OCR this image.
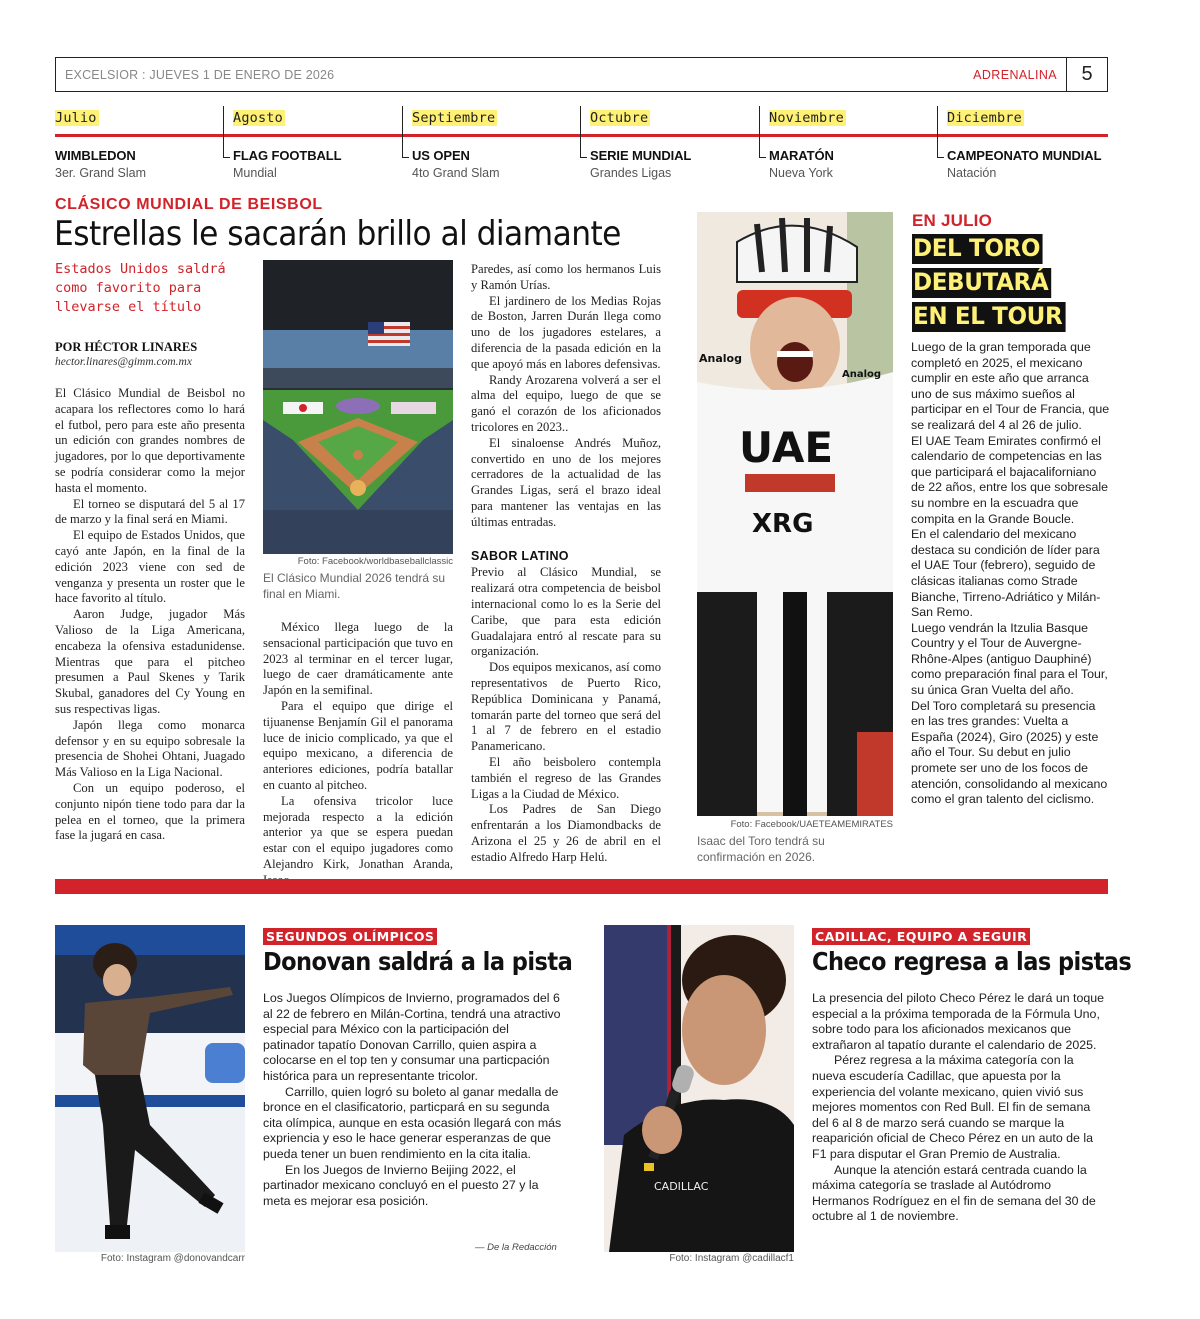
EXCELSIOR : JUEVES 1 DE ENERO DE 2026	ADRENALINA	5
Julio
WIMBLEDON
3er. Grand Slam
Agosto
FLAG FOOTBALL
Mundial
Septiembre
US OPEN
4to Grand Slam
Octubre
SERIE MUNDIAL
Grandes Ligas
Noviembre
MARATÓN
Nueva York
Diciembre
CAMPEONATO MUNDIAL
Natación
CLÁSICO MUNDIAL DE BEISBOL
Estrellas le sacarán brillo al diamante
Estados Unidos saldrá como favorito para llevarse el título
POR HÉCTOR LINARES
hector.linares@gimm.com.mx

El Clásico Mundial de Beisbol no acapara los reflectores como lo hará el futbol, pero para este año presenta un edición con grandes nombres de jugadores, por lo que deportivamente se podría considerar como la mejor hasta el momento.

El torneo se disputará del 5 al 17 de marzo y la final será en Miami.

El equipo de Estados Unidos, que cayó ante Japón, en la final de la edición 2023 viene con sed de venganza y presenta un roster que le hace favorito al título.

Aaron Judge, jugador Más Valioso de la Liga Americana, encabeza la ofensiva estadunidense. Mientras que para el pitcheo presumen a Paul Skenes y Tarik Skubal, ganadores del Cy Young en sus respectivas ligas.

Japón llega como monarca defensor y en su equipo sobresale la presencia de Shohei Ohtani, Juagado Más Valioso en la Liga Nacional.

Con un equipo poderoso, el conjunto nipón tiene todo para dar la pelea en el torneo, que la primera fase la jugará en casa.

Foto: Facebook/worldbaseballclassic
El Clásico Mundial 2026 tendrá su final en Miami.

México llega luego de la sensacional participación que tuvo en 2023 al terminar en el tercer lugar, luego de caer dramáticamente ante Japón en la semifinal.

Para el equipo que dirige el tijuanense Benjamín Gil el panorama luce de inicio complicado, ya que el equipo mexicano, a diferencia de anteriores ediciones, podría batallar en cuanto al pitcheo.

La ofensiva tricolor luce mejorada respecto a la edición anterior ya que se espera puedan estar con el equipo jugadores como Alejandro Kirk, Jonathan Aranda,

Paredes, así como los hermanos Luis y Ramón Urías.

El jardinero de los Medias Rojas de Boston, Jarren Durán llega como uno de los jugadores estelares, a diferencia de la pasada edición en la que apoyó más en labores defensivas.

Randy Arozarena volverá a ser el alma del equipo, luego de que se ganó el corazón de los aficionados tricolores en 2023..

El sinaloense Andrés Muñoz, convertido en uno de los mejores cerradores de la actualidad de las Grandes Ligas, será el brazo ideal para mantener las ventajas en las últimas entradas.

SABOR LATINO

Previo al Clásico Mundial, se realizará otra competencia de beisbol internacional como lo es la Serie del Caribe, que para esta edición Guadalajara entró al rescate para su organización.

Dos equipos mexicanos, así como representativos de Puerto Rico, República Dominicana y Panamá, tomarán parte del torneo que será del 1 al 7 de febrero en el estadio Panamericano.

El año beisbolero contempla también el regreso de las Grandes Ligas a la Ciudad de México.

Los Padres de San Diego enfrentarán a los Diamondbacks de Arizona el 25 y 26 de abril en el estadio Alfredo Harp Helú.

UAE
XRG
Analog
Analog
Foto: Facebook/UAETEAMEMIRATES
Isaac del Toro tendrá su confirmación en 2026.
EN JULIO
DEL TORO
DEBUTARÁ
EN EL TOUR

Luego de la gran temporada que completó en 2025, el mexicano cumplir en este año que arranca uno de sus máximo sueños al participar en el Tour de Francia, que se realizará del 4 al 26 de julio.

El UAE Team Emirates confirmó el calendario de competencias en las que participará el bajacaliforniano de 22 años, entre los que sobresale su nombre en la escuadra que compita en la Grande Boucle.

En el calendario del mexicano destaca su condición de líder para el UAE Tour (febrero), seguido de clásicas italianas como Strade Bianche, Tirreno-Adriático y Milán-San Remo.

Luego vendrán la Itzulia Basque Country y el Tour de Auvergne-Rhône-Alpes (antiguo Dauphiné) como preparación final para el Tour, su única Gran Vuelta del año.

Del Toro completará su presencia en las tres grandes: Vuelta a España (2024), Giro (2025) y este año el Tour. Su debut en julio promete ser uno de los focos de atención, consolidando al mexicano como el gran talento del ciclismo.

Foto: Instagram @donovandcarr
SEGUNDOS OLÍMPICOS
Donovan saldrá a la pista

Los Juegos Olímpicos de Invierno, programados del 6 al 22 de febrero en Milán-Cortina, tendrá una atractivo especial para México con la participación del patinador tapatío Donovan Carrillo, quien aspira a colocarse en el top ten y consumar una particpación histórica para un representante tricolor.

Carrillo, quien logró su boleto al ganar medalla de bronce en el clasificatorio, particpará en su segunda cita olímpica, aunque en esta ocasión llegará con más expriencia y eso le hace generar esperanzas de que pueda tener un buen rendimiento en la cita italia.

En los Juegos de Invierno Beijing 2022, el partinador mexicano concluyó en el puesto 27 y la meta es mejorar esa posición.

— De la Redacción
CADILLAC
Foto: Instagram @cadillacf1
CADILLAC, EQUIPO A SEGUIR
Checo regresa a las pistas

La presencia del piloto Checo Pérez le dará un toque especial a la próxima temporada de la Fórmula Uno, sobre todo para los aficionados mexicanos que extrañaron al tapatío durante el calendario de 2025.

Pérez regresa a la máxima categoría con la nueva escudería Cadillac, que apuesta por la experiencia del volante mexicano, quien vivió sus mejores momentos con Red Bull. El fin de semana del 6 al 8 de marzo será cuando se marque la reaparición oficial de Checo Pérez en un auto de la F1 para disputar el Gran Premio de Australia.

Aunque la atención estará centrada cuando la máxima categoría se traslade al Autódromo Hermanos Rodríguez en el fin de semana del 30 de octubre al 1 de noviembre.
